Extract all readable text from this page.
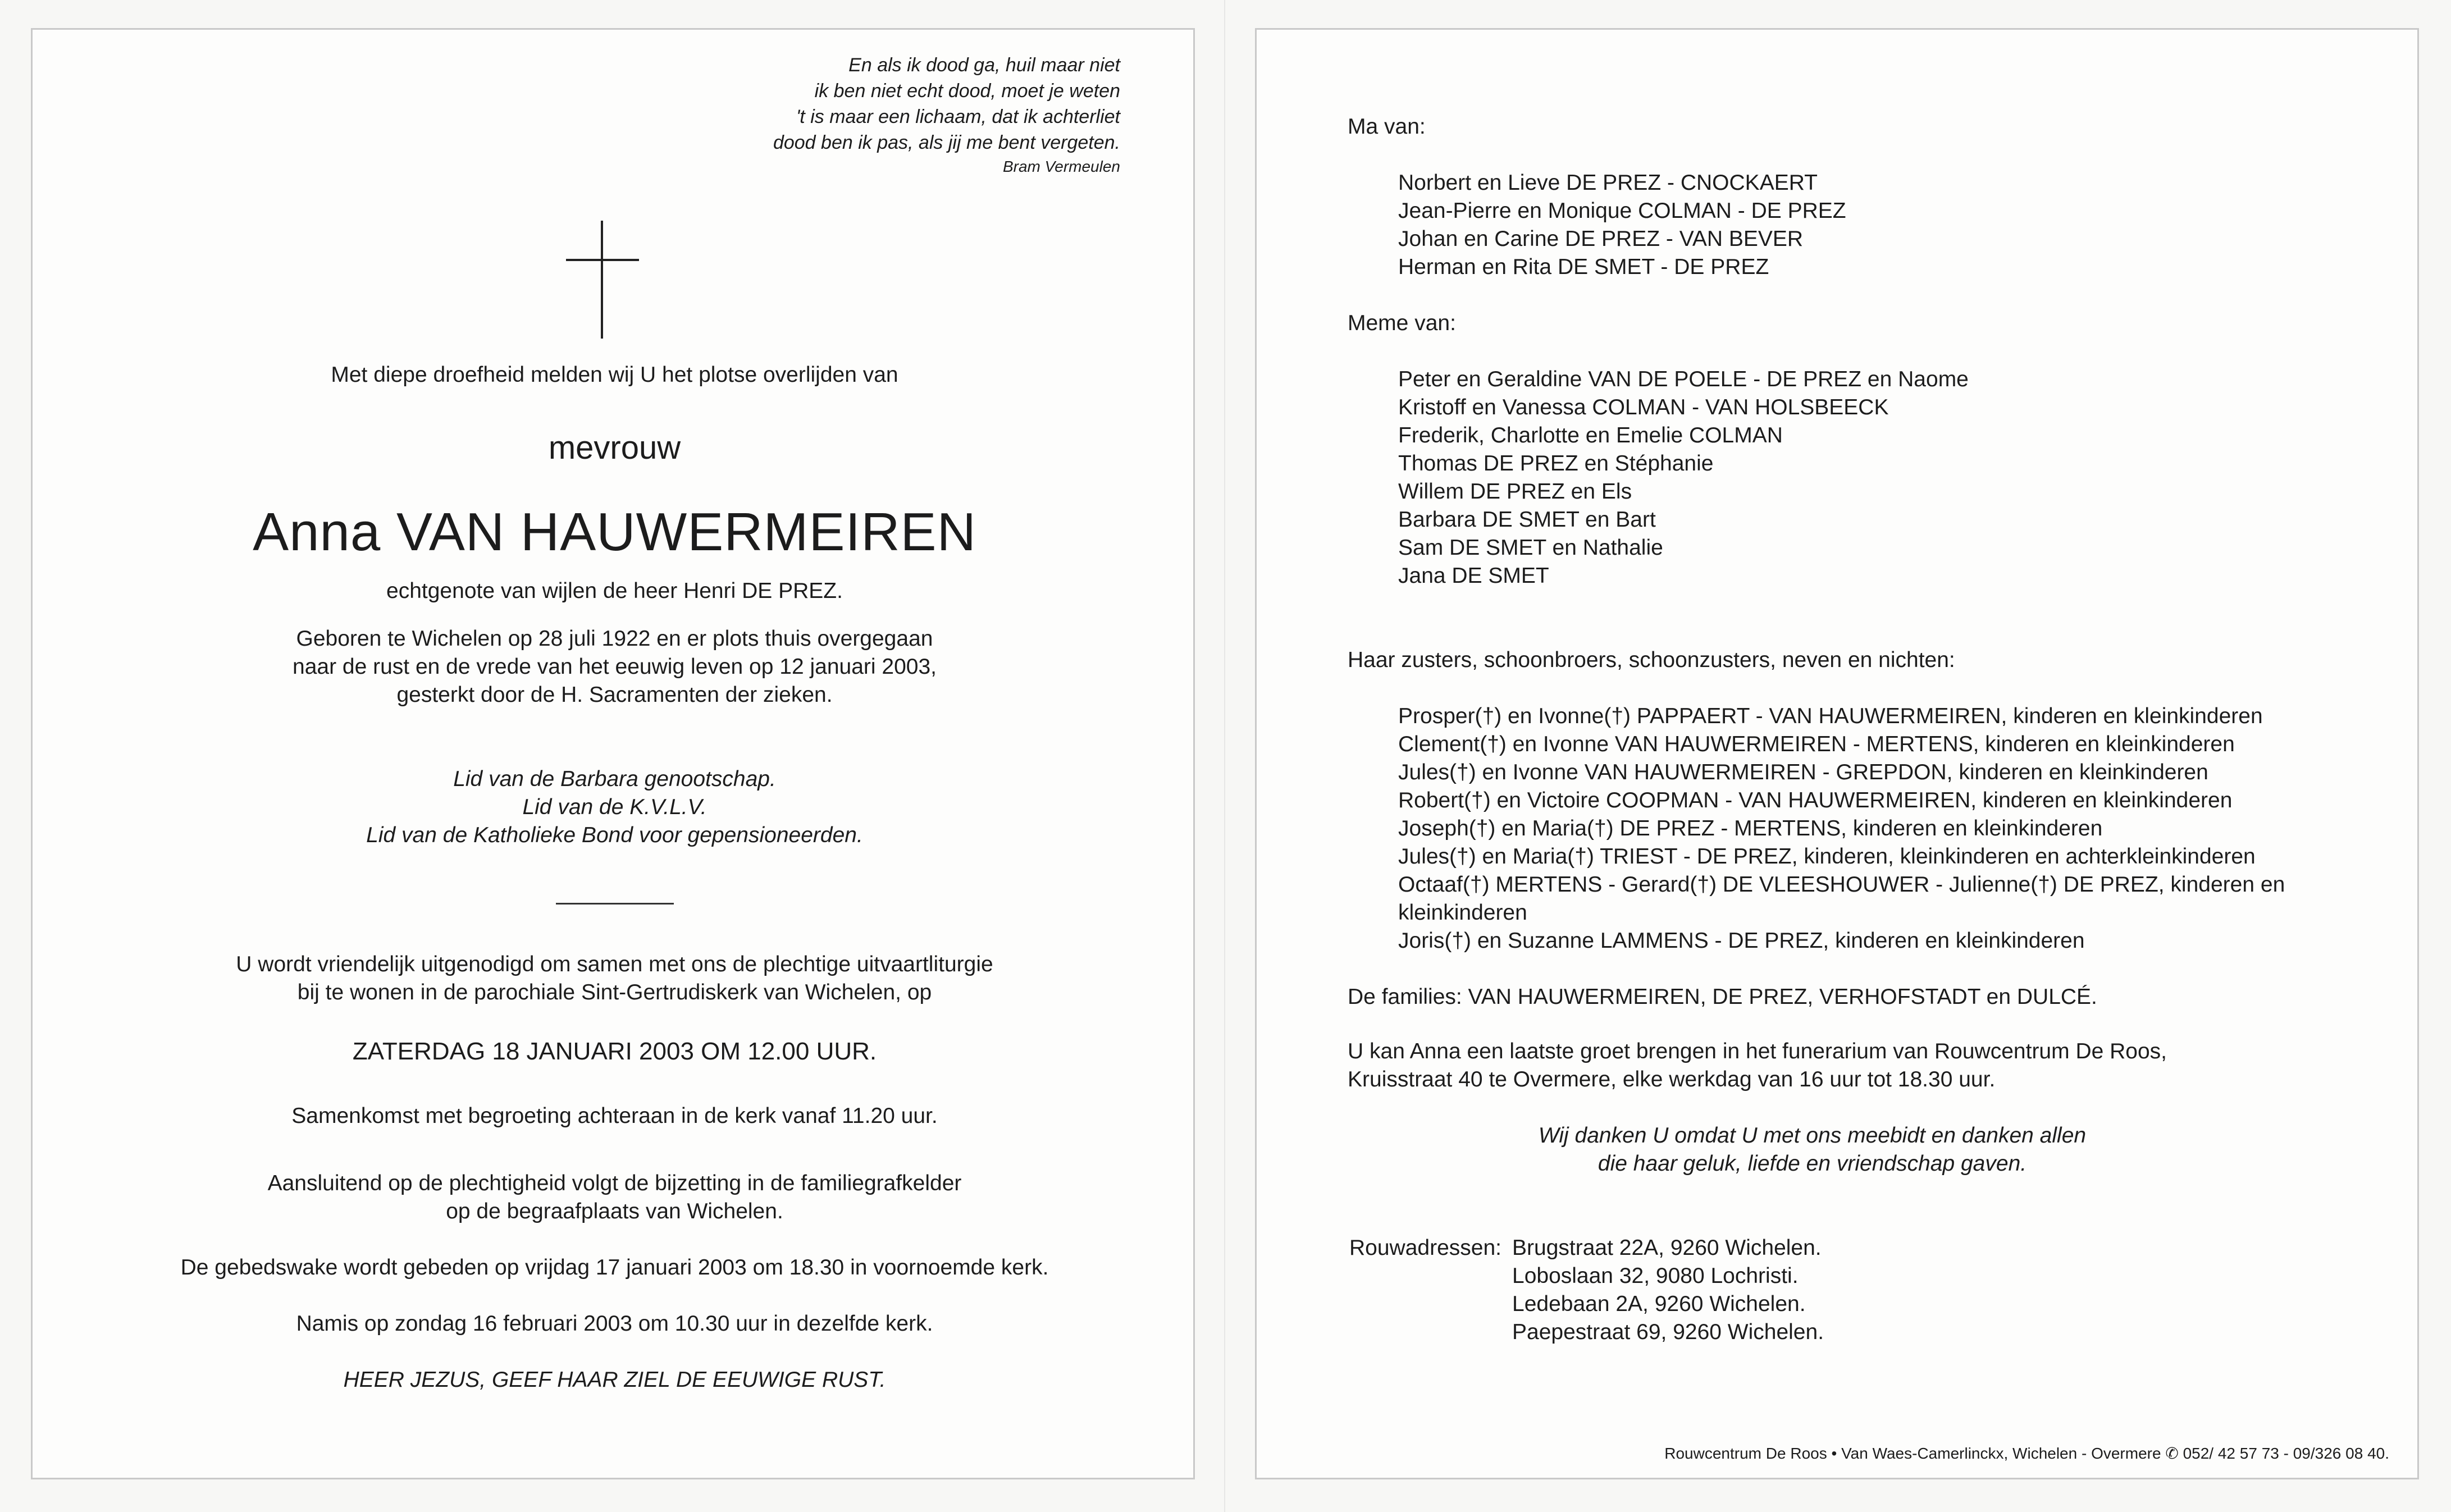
En als ik dood ga, huil maar niet
ik ben niet echt dood, moet je weten
't is maar een lichaam, dat ik achterliet
dood ben ik pas, als jij me bent vergeten.
Bram Vermeulen
Met diepe droefheid melden wij U het plotse overlijden van
mevrouw
Anna VAN HAUWERMEIREN
echtgenote van wijlen de heer Henri DE PREZ.
Geboren te Wichelen op 28 juli 1922 en er plots thuis overgegaan
naar de rust en de vrede van het eeuwig leven op 12 januari 2003,
gesterkt door de H. Sacramenten der zieken.
Lid van de Barbara genootschap.
Lid van de K.V.L.V.
Lid van de Katholieke Bond voor gepensioneerden.
U wordt vriendelijk uitgenodigd om samen met ons de plechtige uitvaartliturgie
bij te wonen in de parochiale Sint-Gertrudiskerk van Wichelen, op
ZATERDAG 18 JANUARI 2003 OM 12.00 UUR.
Samenkomst met begroeting achteraan in de kerk vanaf 11.20 uur.
Aansluitend op de plechtigheid volgt de bijzetting in de familiegrafkelder
op de begraafplaats van Wichelen.
De gebedswake wordt gebeden op vrijdag 17 januari 2003 om 18.30 in voornoemde kerk.
Namis op zondag 16 februari 2003 om 10.30 uur in dezelfde kerk.
HEER JEZUS, GEEF HAAR ZIEL DE EEUWIGE RUST.
Ma van:
Norbert en Lieve DE PREZ - CNOCKAERT
Jean-Pierre en Monique COLMAN - DE PREZ
Johan en Carine DE PREZ - VAN BEVER
Herman en Rita DE SMET - DE PREZ
Meme van:
Peter en Geraldine VAN DE POELE - DE PREZ en Naome
Kristoff en Vanessa COLMAN - VAN HOLSBEECK
Frederik, Charlotte en Emelie COLMAN
Thomas DE PREZ en Stéphanie
Willem DE PREZ en Els
Barbara DE SMET en Bart
Sam DE SMET en Nathalie
Jana DE SMET
Haar zusters, schoonbroers, schoonzusters, neven en nichten:
Prosper(†) en Ivonne(†) PAPPAERT - VAN HAUWERMEIREN, kinderen en kleinkinderen
Clement(†) en Ivonne VAN HAUWERMEIREN - MERTENS, kinderen en kleinkinderen
Jules(†) en Ivonne VAN HAUWERMEIREN - GREPDON, kinderen en kleinkinderen
Robert(†) en Victoire COOPMAN - VAN HAUWERMEIREN, kinderen en kleinkinderen
Joseph(†) en Maria(†) DE PREZ - MERTENS, kinderen en kleinkinderen
Jules(†) en Maria(†) TRIEST - DE PREZ, kinderen, kleinkinderen en achterkleinkinderen
Octaaf(†) MERTENS - Gerard(†) DE VLEESHOUWER - Julienne(†) DE PREZ, kinderen en
kleinkinderen
Joris(†) en Suzanne LAMMENS - DE PREZ, kinderen en kleinkinderen
De families: VAN HAUWERMEIREN, DE PREZ, VERHOFSTADT en DULCÉ.
U kan Anna een laatste groet brengen in het funerarium van Rouwcentrum De Roos,
Kruisstraat 40 te Overmere, elke werkdag van 16 uur tot 18.30 uur.
Wij danken U omdat U met ons meebidt en danken allen
die haar geluk, liefde en vriendschap gaven.
Rouwadressen: Brugstraat 22A, 9260 Wichelen.
Loboslaan 32, 9080 Lochristi.
Ledebaan 2A, 9260 Wichelen.
Paepestraat 69, 9260 Wichelen.
Rouwcentrum De Roos • Van Waes-Camerlinckx, Wichelen - Overmere ✆ 052/ 42 57 73 - 09/326 08 40.
